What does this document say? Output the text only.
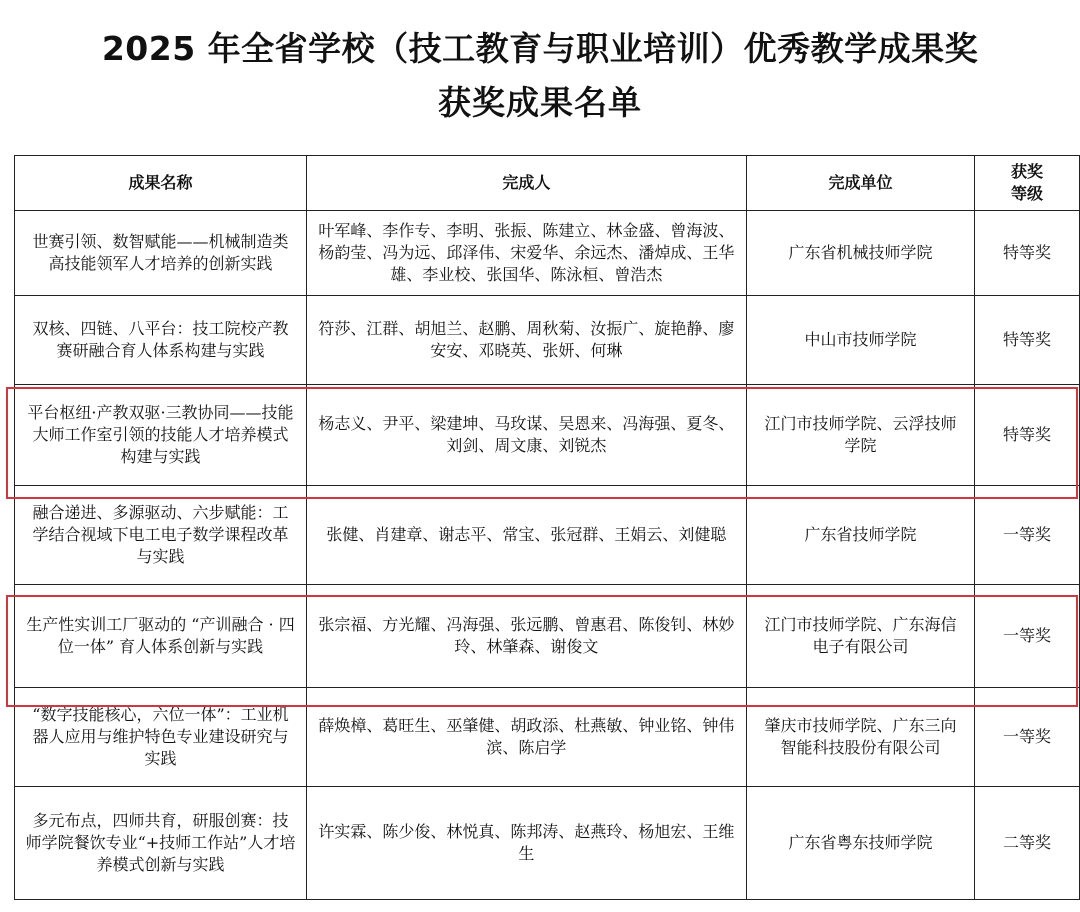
2025 年全省学校（技工教育与职业培训）优秀教学成果奖
获奖成果名单
成果名称	完成人	完成单位	获奖等级
世赛引领、数智赋能——机械制造类高技能领军人才培养的创新实践	叶军峰、李作专、李明、张振、陈建立、林金盛、曾海波、杨韵莹、冯为远、邱泽伟、宋爱华、余远杰、潘焯成、王华雄、李业校、张国华、陈泳桓、曾浩杰	广东省机械技师学院	特等奖
双核、四链、八平台：技工院校产教赛研融合育人体系构建与实践	符莎、江群、胡旭兰、赵鹏、周秋菊、汝振广、旋艳静、廖安安、邓晓英、张妍、何琳	中山市技师学院	特等奖
平台枢纽·产教双驱·三教协同——技能大师工作室引领的技能人才培养模式构建与实践	杨志义、尹平、梁建坤、马玫谋、吴恩来、冯海强、夏冬、刘剑、周文康、刘锐杰	江门市技师学院、云浮技师学院	特等奖
融合递进、多源驱动、六步赋能：工学结合视域下电工电子数学课程改革与实践	张健、肖建章、谢志平、常宝、张冠群、王娟云、刘健聪	广东省技师学院	一等奖
生产性实训工厂驱动的 “产训融合 · 四位一体” 育人体系创新与实践	张宗福、方光耀、冯海强、张远鹏、曾惠君、陈俊钊、林妙玲、林肇森、谢俊文	江门市技师学院、广东海信电子有限公司	一等奖
“数字技能核心，六位一体”：工业机器人应用与维护特色专业建设研究与实践	薛焕樟、葛旺生、巫肇健、胡政添、杜燕敏、钟业铭、钟伟滨、陈启学	肇庆市技师学院、广东三向智能科技股份有限公司	一等奖
多元布点，四师共育，研服创赛：技师学院餐饮专业“+技师工作站”人才培养模式创新与实践	许实霖、陈少俊、林悦真、陈邦涛、赵燕玲、杨旭宏、王维生	广东省粤东技师学院	二等奖
